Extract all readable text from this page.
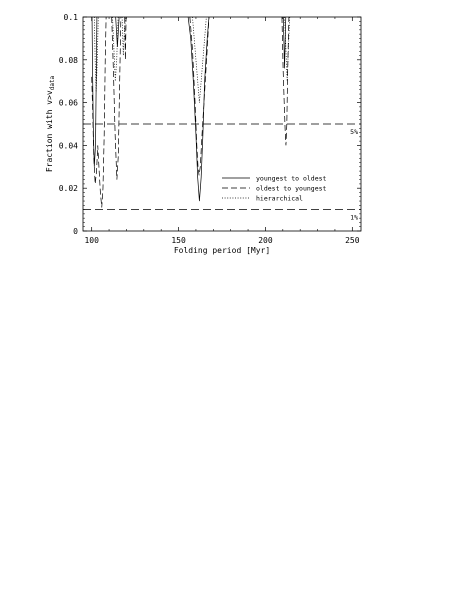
100	150	200	250
0
0.02
0.04
0.06
0.08
0.1
5%
1%
Folding period [Myr]
Fraction with $v>v_{data}$
youngest to oldest
oldest to youngest
hierarchical
